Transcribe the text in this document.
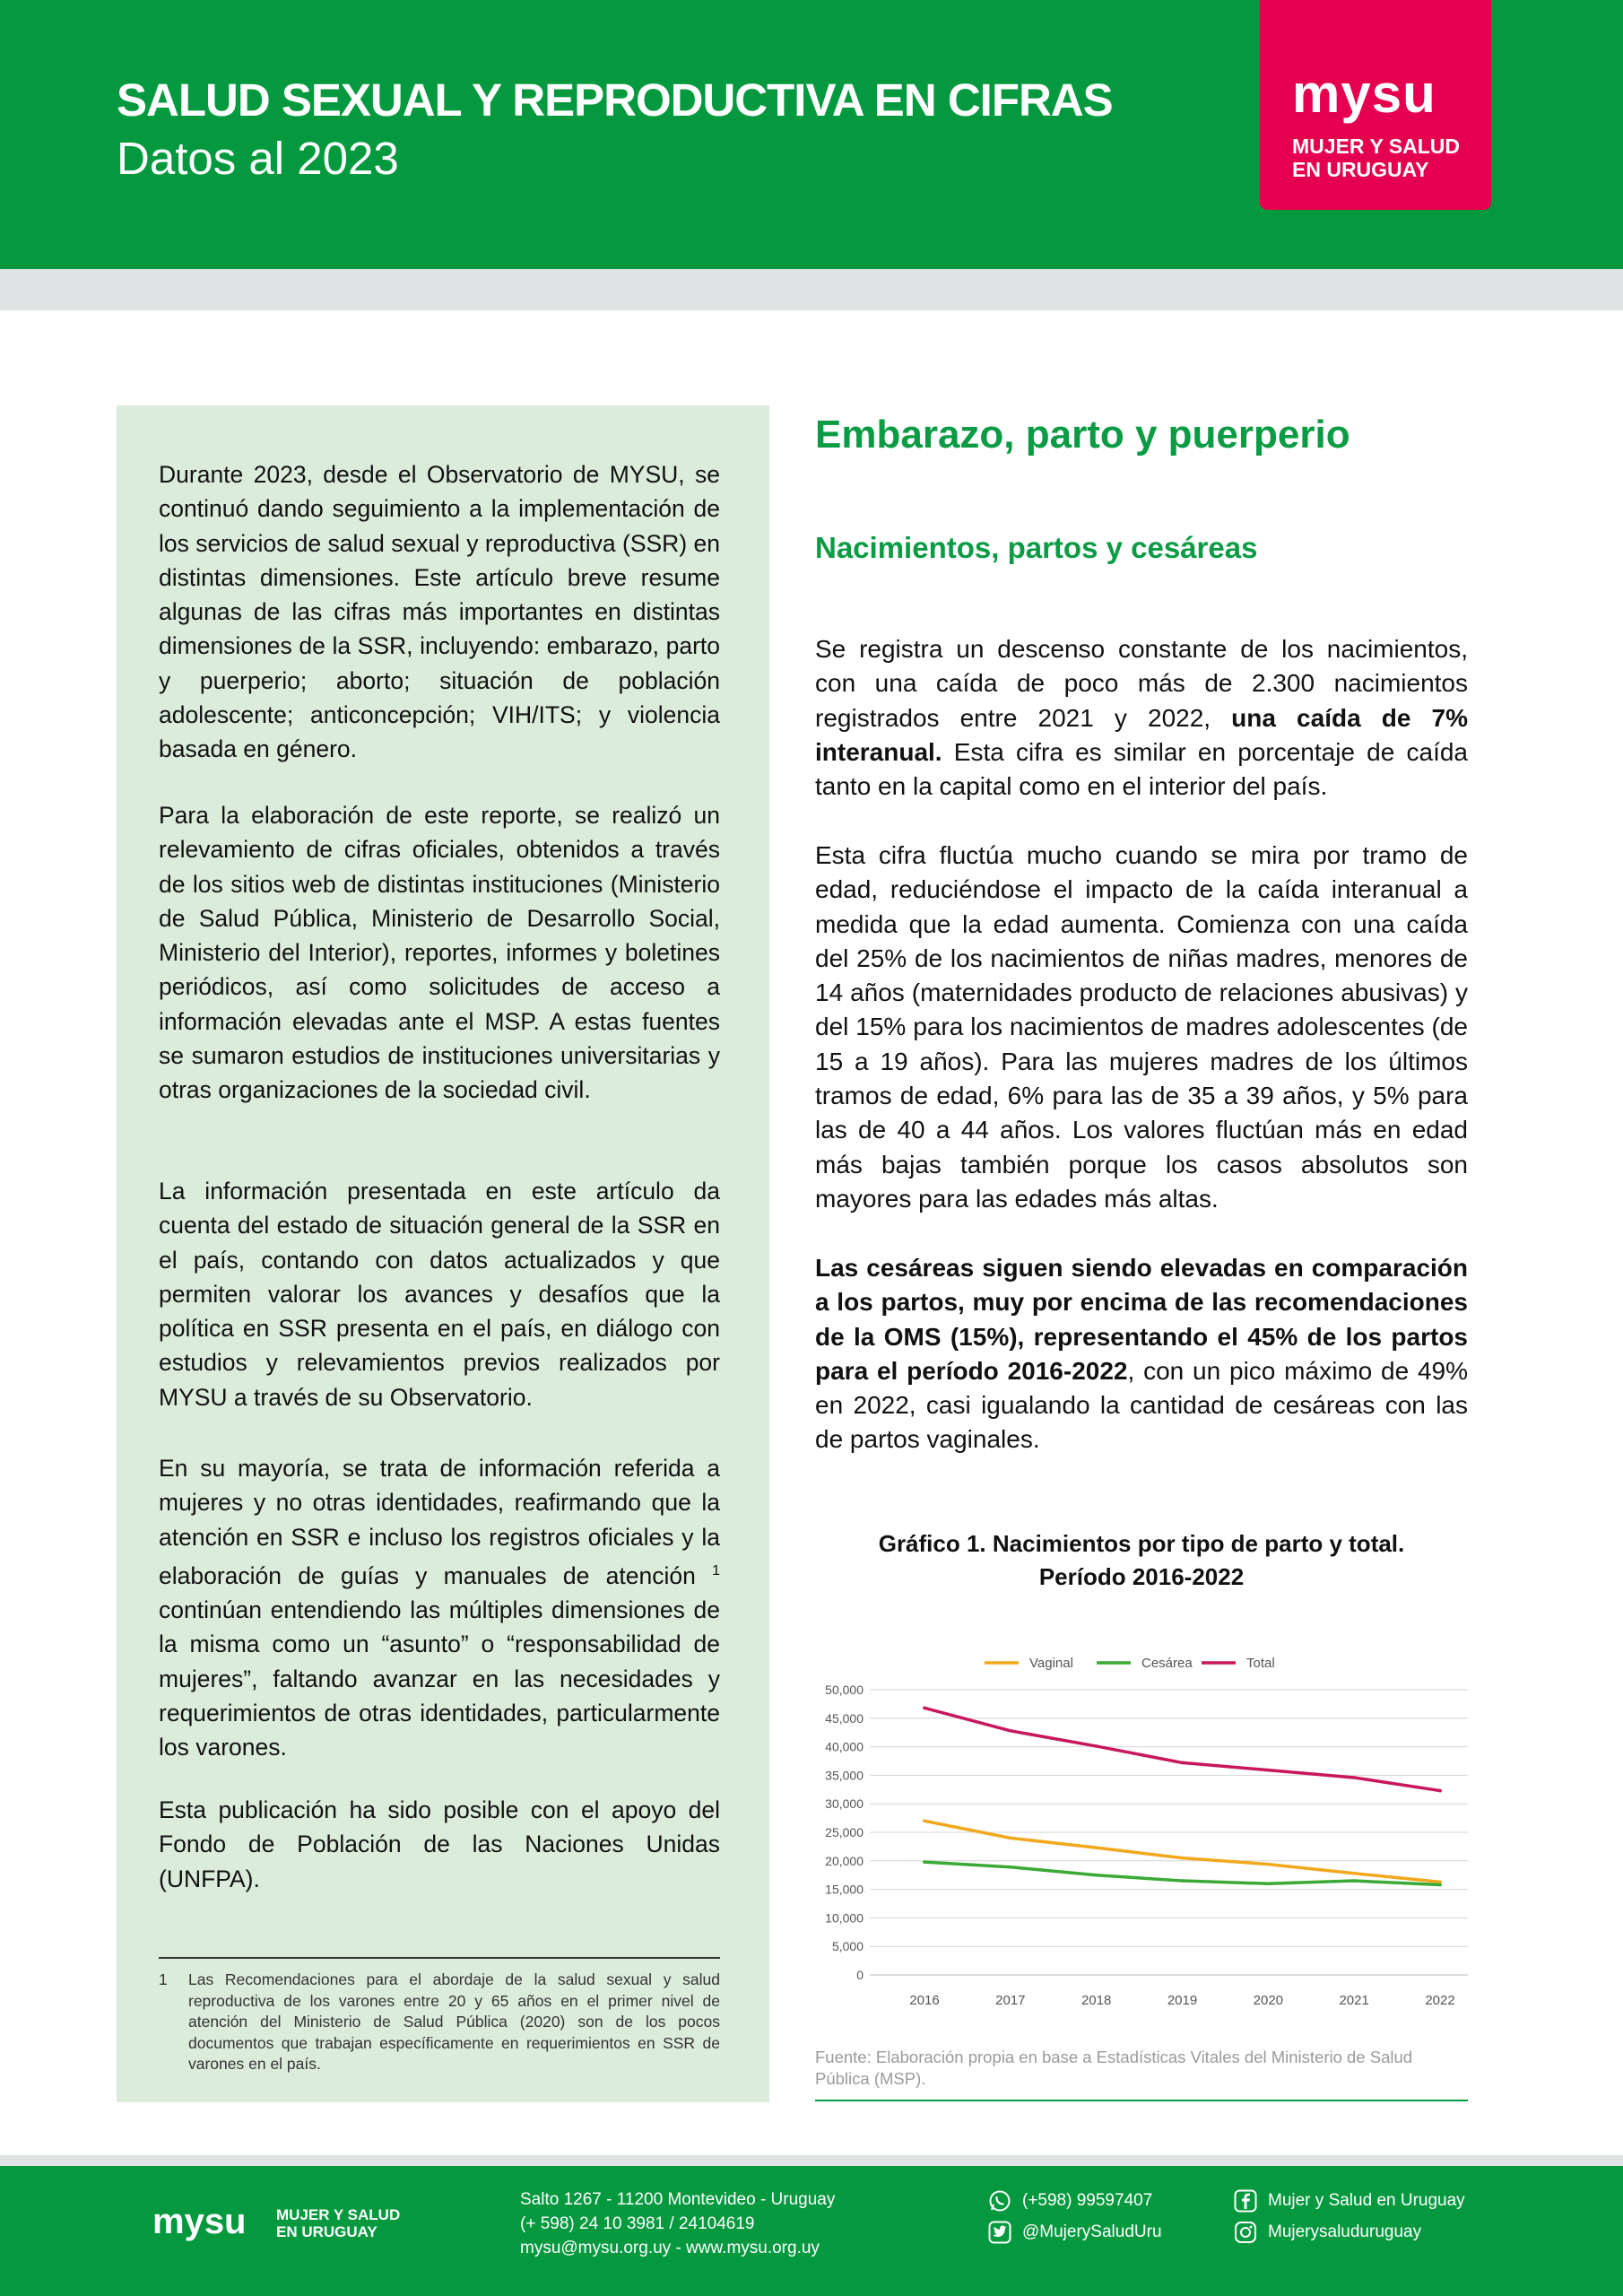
SALUD SEXUAL Y REPRODUCTIVA EN CIFRAS
Datos al 2023
mysu
MUJER Y SALUD
EN URUGUAY

Durante 2023, desde el Observatorio de MYSU, se continuó dando seguimiento a la implementación de los servicios de salud sexual y reproductiva (SSR) en distintas dimensiones. Este artículo breve resume algunas de las cifras más importantes en distintas dimensiones de la SSR, incluyendo: embarazo, parto y puerperio; aborto; situación de población adolescente; anticoncepción; VIH/ITS; y violencia basada en género.

Para la elaboración de este reporte, se realizó un relevamiento de cifras oficiales, obtenidos a través de los sitios web de distintas instituciones (Ministerio de Salud Pública, Ministerio de Desarrollo Social, Ministerio del Interior), reportes, informes y boletines periódicos, así como solicitudes de acceso a información elevadas ante el MSP. A estas fuentes se sumaron estudios de instituciones universitarias y otras organizaciones de la sociedad civil.

La información presentada en este artículo da cuenta del estado de situación general de la SSR en el país, contando con datos actualizados y que permiten valorar los avances y desafíos que la política en SSR presenta en el país, en diálogo con estudios y relevamientos previos realizados por MYSU a través de su Observatorio.

En su mayoría, se trata de información referida a mujeres y no otras identidades, reafirmando que la atención en SSR e incluso los registros oficiales y la elaboración de guías y manuales de atención $^1$ continúan entendiendo las múltiples dimensiones de la misma como un “asunto” o “responsabilidad de mujeres”, faltando avanzar en las necesidades y requerimientos de otras identidades, particularmente los varones.

Esta publicación ha sido posible con el apoyo del Fondo de Población de las Naciones Unidas (UNFPA).

1 Las Recomendaciones para el abordaje de la salud sexual y salud reproductiva de los varones entre 20 y 65 años en el primer nivel de atención del Ministerio de Salud Pública (2020) son de los pocos documentos que trabajan específicamente en requerimientos en SSR de varones en el país.
Embarazo, parto y puerperio
Nacimientos, partos y cesáreas

Se registra un descenso constante de los nacimientos, con una caída de poco más de 2.300 nacimientos registrados entre 2021 y 2022, una caída de 7% interanual. Esta cifra es similar en porcentaje de caída tanto en la capital como en el interior del país.

Esta cifra fluctúa mucho cuando se mira por tramo de edad, reduciéndose el impacto de la caída interanual a medida que la edad aumenta. Comienza con una caída del 25% de los nacimientos de niñas madres, menores de 14 años (maternidades producto de relaciones abusivas) y del 15% para los nacimientos de madres adolescentes (de 15 a 19 años). Para las mujeres madres de los últimos tramos de edad, 6% para las de 35 a 39 años, y 5% para las de 40 a 44 años. Los valores fluctúan más en edad más bajas también porque los casos absolutos son mayores para las edades más altas.

Las cesáreas siguen siendo elevadas en comparación a los partos, muy por encima de las recomendaciones de la OMS (15%), representando el 45% de los partos para el período 2016-2022, con un pico máximo de 49% en 2022, casi igualando la cantidad de cesáreas con las de partos vaginales.

Gráfico 1. Nacimientos por tipo de parto y total.
Período 2016-2022
0
5,000
10,000
15,000
20,000
25,000
30,000
35,000
40,000
45,000
50,000
2016	2017	2018	2019	2020	2021	2022
Vaginal	Cesárea	Total
Fuente: Elaboración propia en base a Estadísticas Vitales del Ministerio de Salud Pública (MSP).
mysu MUJER Y SALUD
EN URUGUAY
Salto 1267 - 11200 Montevideo - Uruguay
(+ 598) 24 10 3981 / 24104619
mysu@mysu.org.uy - www.mysu.org.uy
(+598) 99597407
@MujerySaludUru
Mujer y Salud en Uruguay
Mujerysaluduruguay
